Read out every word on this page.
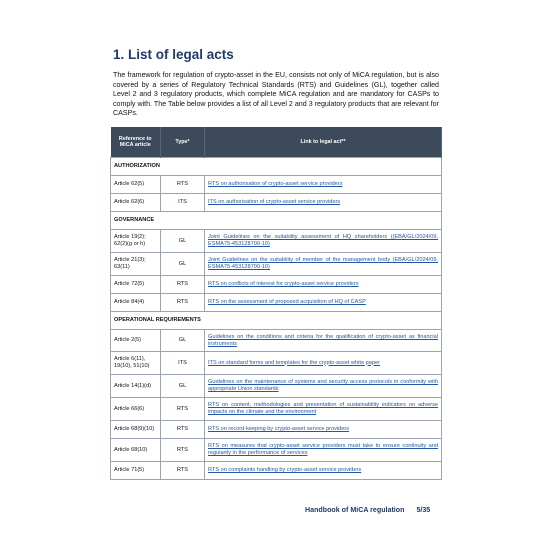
1. List of legal acts

The framework for regulation of crypto-asset in the EU, consists not only of MiCA regulation, but is also covered by a series of Regulatory Technical Standards (RTS) and Guidelines (GL), together called Level 2 and 3 regulatory products, which complete MiCA regulation and are mandatory for CASPs to comply with. The Table below provides a list of all Level 2 and 3 regulatory products that are relevant for CASPs.

Reference to MiCA article	Type*	Link to legal act**
AUTHORIZATION		
Article 62(5)	RTS	RTS on authorisation of crypto-asset service providers
Article 62(6)	ITS	ITS on authorisation of crypto-asset service providers
GOVERNANCE		
Article 19(2); 62(2)(g or h)	GL	Joint Guidelines on the suitability assessment of HQ shareholders ((EBA/GL/2024/09, ESMA75-453128700-10)
Article 21(3); 63(11)	GL	Joint Guidelines on the suitability of member of the management body (EBA/GL/2024/09, ESMA75-453128700-10)
Article 72(5)	RTS	RTS on conflicts of interest for crypto-asset service providers
Article 84(4)	RTS	RTS on the assessment of proposed acquisition of HQ of CASP
OPERATIONAL REQUIREMENTS		
Article 2(5)	GL	Guidelines on the conditions and criteria for the qualification of crypto-asset as financial instruments
Article 6(11), 19(10), 51(10)	ITS	ITS on standard forms and templates for the crypto-asset white paper
Article 14(1)(d)	GL	Guidelines on the maintenance of systems and security access protocols in conformity with appropriate Union standards
Article 66(6)	RTS	RTS on content, methodologies and presentation of sustainability indicators on adverse impacts on the climate and the environment
Article 68(9)(10)	RTS	RTS on record-keeping by crypto-asset service providers
Article 68(10)	RTS	RTS on measures that crypto-asset service providers must take to ensure continuity and regularity in the performance of services
Article 71(5)	RTS	RTS on complaints handling by crypto-asset service providers
Handbook of MiCA regulation 5/35
